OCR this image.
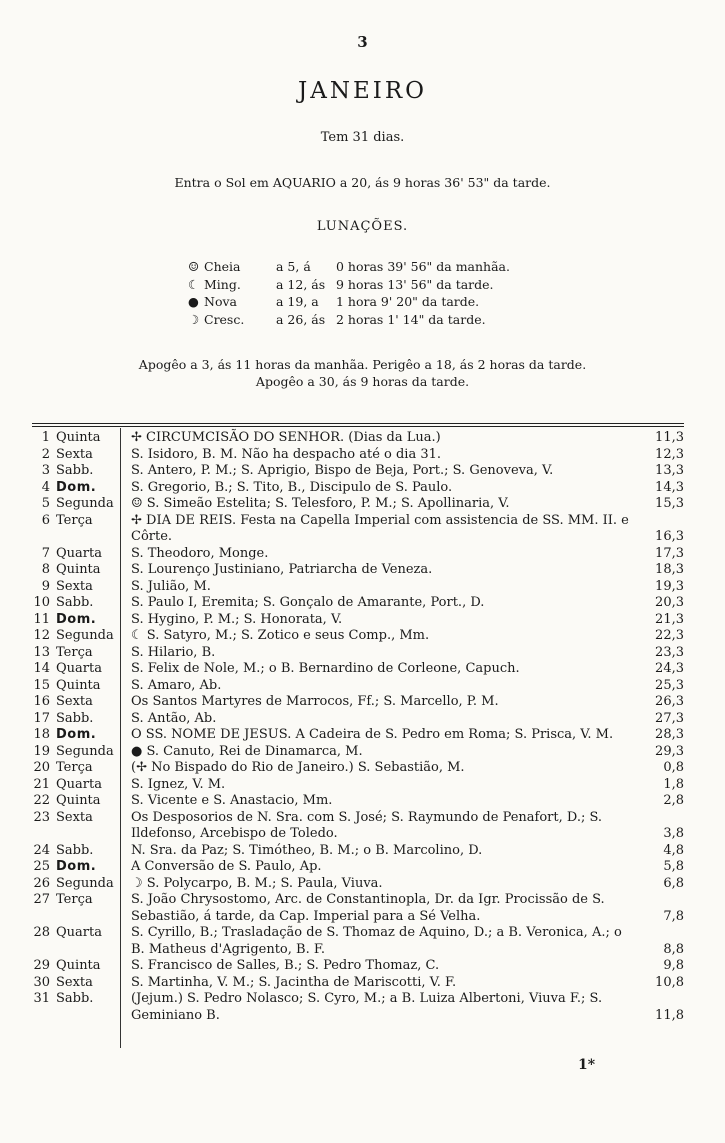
3
JANEIRO
Tem 31 dias.
Entra o Sol em AQUARIO a 20, ás 9 horas 36' 53" da tarde.
LUNAÇÕES.
☺ Cheia	a 5, á 0 horas 39' 56" da manhãa.
☾ Ming.	a 12, ás 9 horas 13' 56" da tarde.
● Nova	a 19, a 1 hora 9' 20" da tarde.
☽ Cresc.	a 26, ás 2 horas 1' 14" da tarde.
Apogêo a 3, ás 11 horas da manhãa. Perigêo a 18, ás 2 horas da tarde.
Apogêo a 30, ás 9 horas da tarde.
1 Quinta	✢ CIRCUMCISÃO DO SENHOR. (Dias da Lua.)	11,3
2 Sexta	S. Isidoro, B. M. Não ha despacho até o dia 31.	12,3
3 Sabb.	S. Antero, P. M.; S. Aprigio, Bispo de Beja, Port.; S. Genoveva, V.	13,3
4 Dom.	S. Gregorio, B.; S. Tito, B., Discipulo de S. Paulo.	14,3
5 Segunda	☺ S. Simeão Estelita; S. Telesforo, P. M.; S. Apollinaria, V.	15,3
6 Terça	✢ DIA DE REIS. Festa na Capella Imperial com assistencia de SS. MM. II. e Côrte.	16,3
7 Quarta	S. Theodoro, Monge.	17,3
8 Quinta	S. Lourenço Justiniano, Patriarcha de Veneza.	18,3
9 Sexta	S. Julião, M.	19,3
10 Sabb.	S. Paulo I, Eremita; S. Gonçalo de Amarante, Port., D.	20,3
11 Dom.	S. Hygino, P. M.; S. Honorata, V.	21,3
12 Segunda	☾ S. Satyro, M.; S. Zotico e seus Comp., Mm.	22,3
13 Terça	S. Hilario, B.	23,3
14 Quarta	S. Felix de Nole, M.; o B. Bernardino de Corleone, Capuch.	24,3
15 Quinta	S. Amaro, Ab.	25,3
16 Sexta	Os Santos Martyres de Marrocos, Ff.; S. Marcello, P. M.	26,3
17 Sabb.	S. Antão, Ab.	27,3
18 Dom.	O SS. NOME DE JESUS. A Cadeira de S. Pedro em Roma; S. Prisca, V. M.	28,3
19 Segunda	● S. Canuto, Rei de Dinamarca, M.	29,3
20 Terça	(✢ No Bispado do Rio de Janeiro.) S. Sebastião, M.	0,8
21 Quarta	S. Ignez, V. M.	1,8
22 Quinta	S. Vicente e S. Anastacio, Mm.	2,8
23 Sexta	Os Desposorios de N. Sra. com S. José; S. Raymundo de Penafort, D.; S. Ildefonso, Arcebispo de Toledo.	3,8
24 Sabb.	N. Sra. da Paz; S. Timótheo, B. M.; o B. Marcolino, D.	4,8
25 Dom.	A Conversão de S. Paulo, Ap.	5,8
26 Segunda	☽ S. Polycarpo, B. M.; S. Paula, Viuva.	6,8
27 Terça	S. João Chrysostomo, Arc. de Constantinopla, Dr. da Igr. Procissão de S. Sebastião, á tarde, da Cap. Imperial para a Sé Velha.	7,8
28 Quarta	S. Cyrillo, B.; Trasladação de S. Thomaz de Aquino, D.; a B. Veronica, A.; o B. Matheus d'Agrigento, B. F.	8,8
29 Quinta	S. Francisco de Salles, B.; S. Pedro Thomaz, C.	9,8
30 Sexta	S. Martinha, V. M.; S. Jacintha de Mariscotti, V. F.	10,8
31 Sabb.	(Jejum.) S. Pedro Nolasco; S. Cyro, M.; a B. Luiza Albertoni, Viuva F.; S. Geminiano B.	11,8
1*
